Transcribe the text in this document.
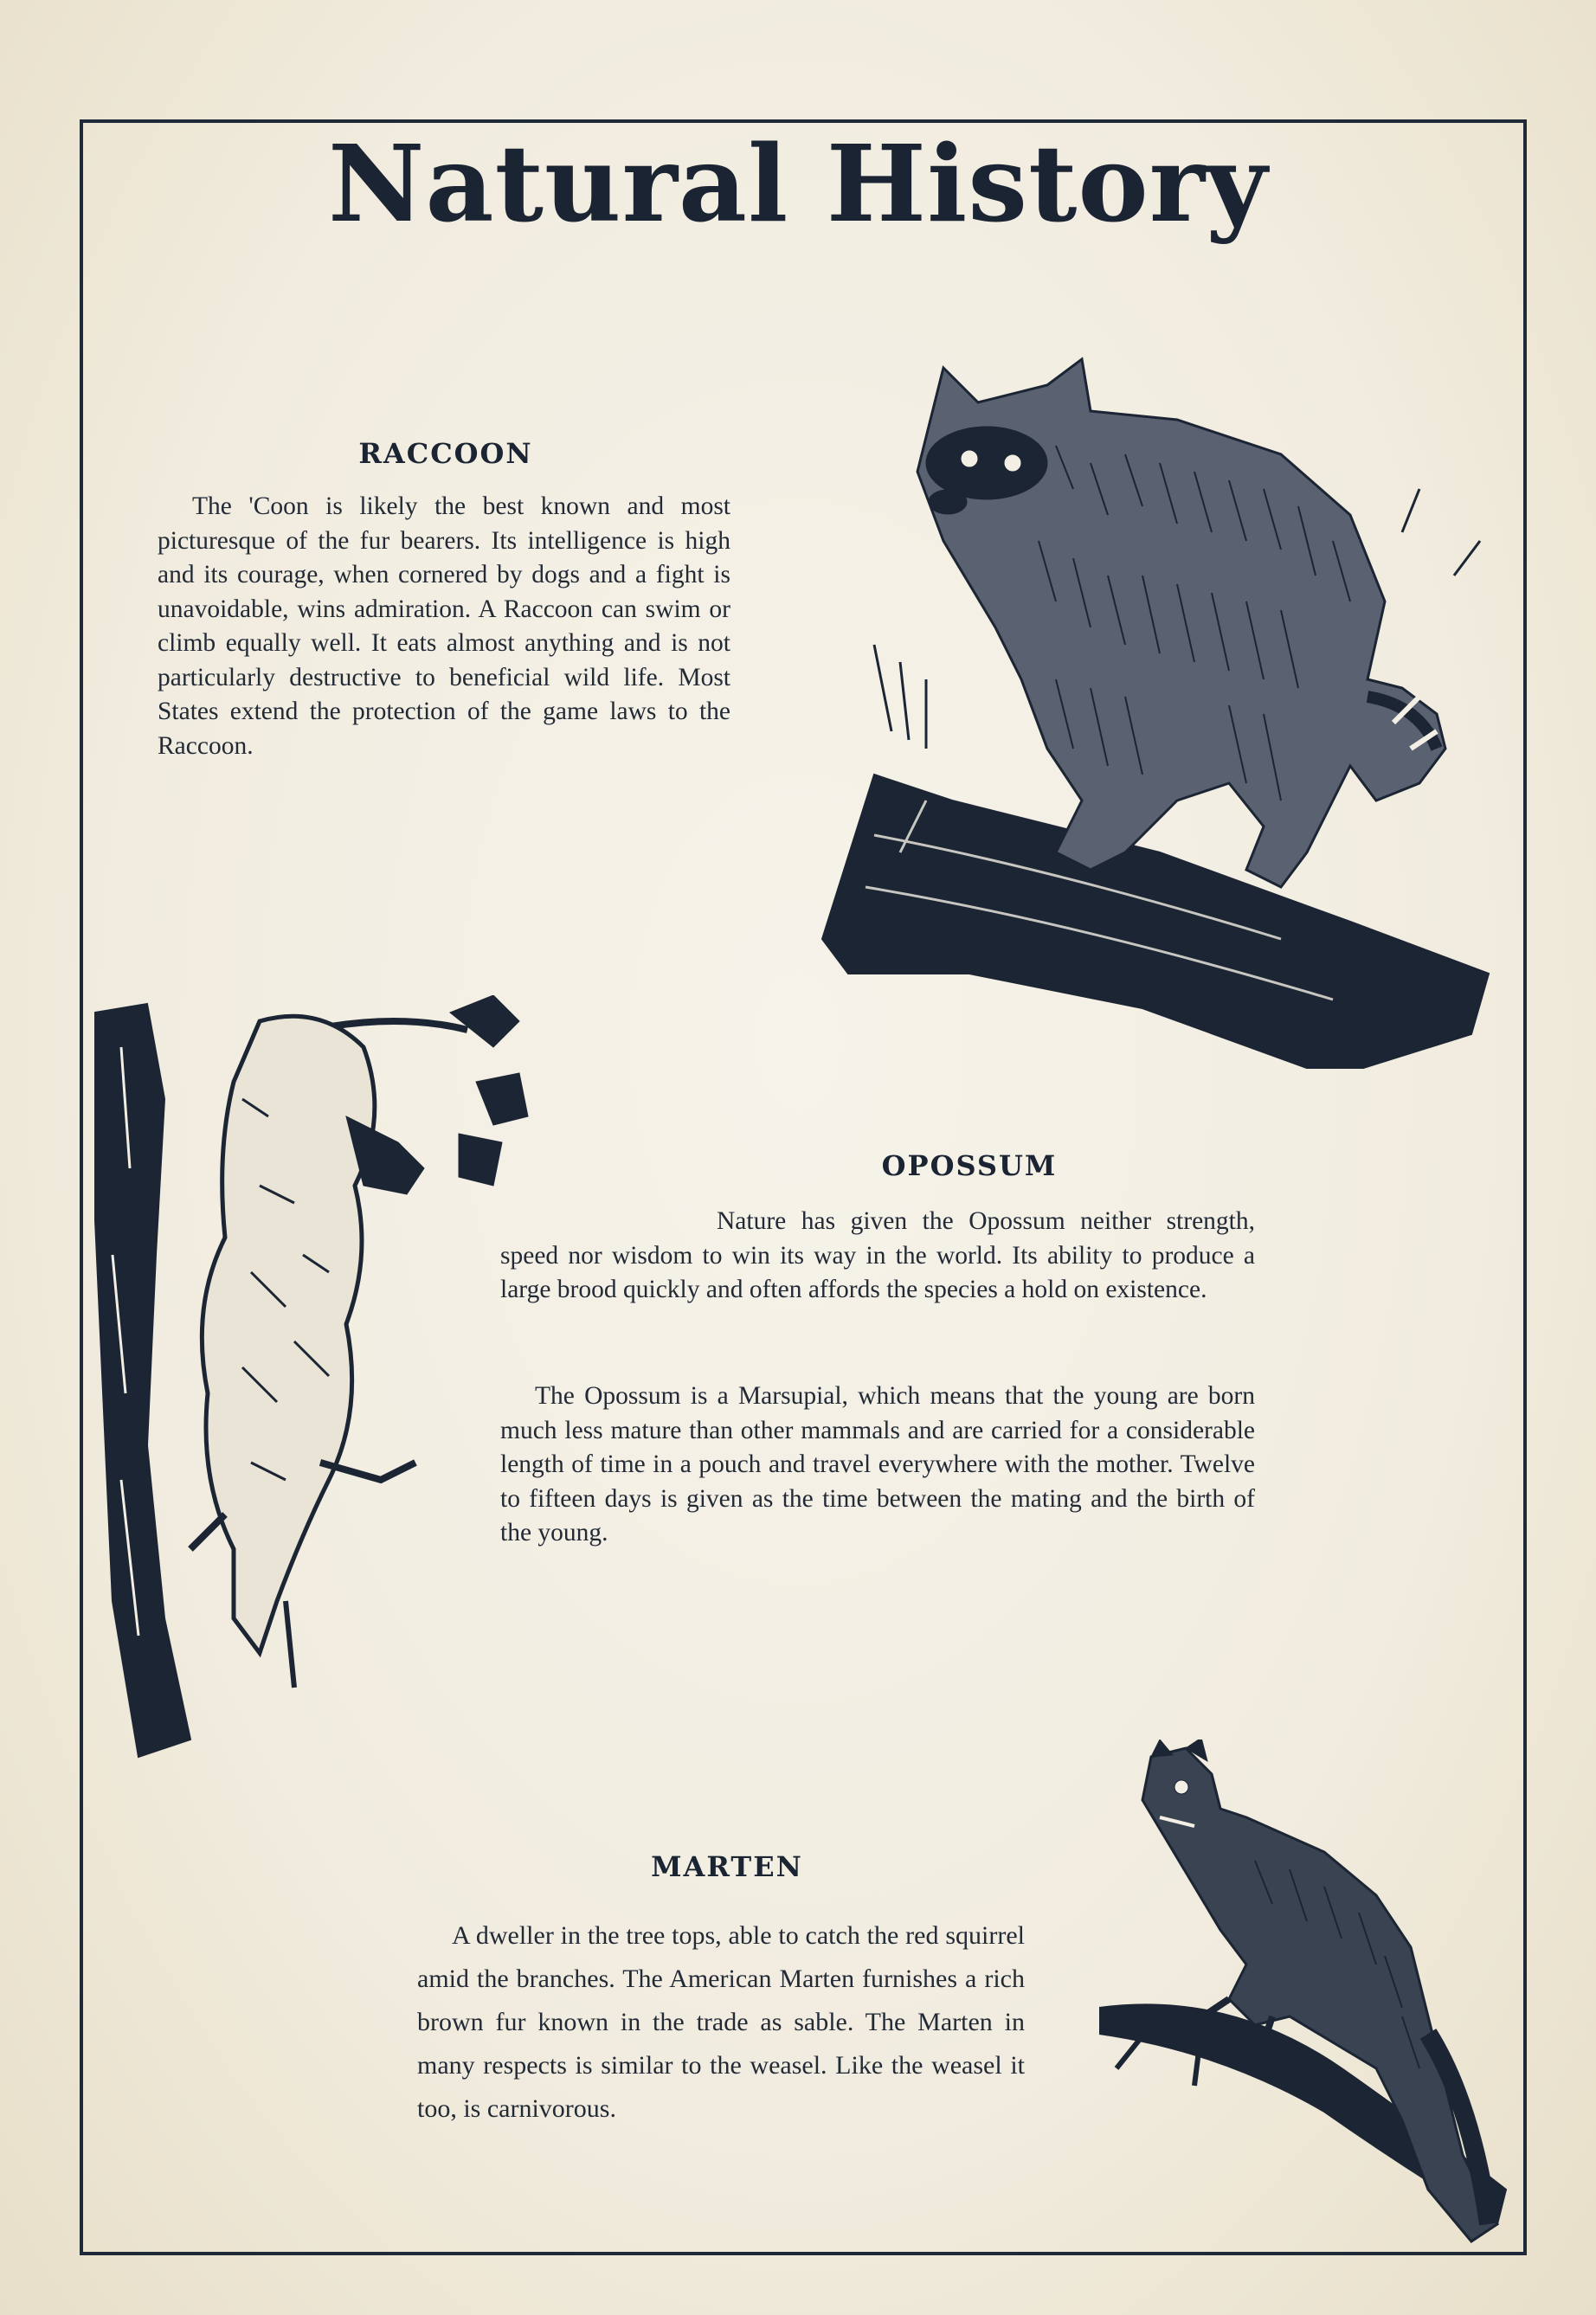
Natural History
RACCOON

The 'Coon is likely the best known and most picturesque of the fur bearers. Its intelligence is high and its courage, when cornered by dogs and a fight is unavoidable, wins admiration. A Raccoon can swim or climb equally well. It eats almost anything and is not particularly destructive to beneficial wild life. Most States extend the protection of the game laws to the Raccoon.

OPOSSUM

Nature has given the Opossum neither strength, speed nor wisdom to win its way in the world. Its ability to produce a large brood quickly and often affords the species a hold on existence.

The Opossum is a Marsupial, which means that the young are born much less mature than other mammals and are carried for a considerable length of time in a pouch and travel everywhere with the mother. Twelve to fifteen days is given as the time between the mating and the birth of the young.

MARTEN

A dweller in the tree tops, able to catch the red squirrel amid the branches. The American Marten furnishes a rich brown fur known in the trade as sable. The Marten in many respects is similar to the weasel. Like the weasel it too, is carnivorous.
